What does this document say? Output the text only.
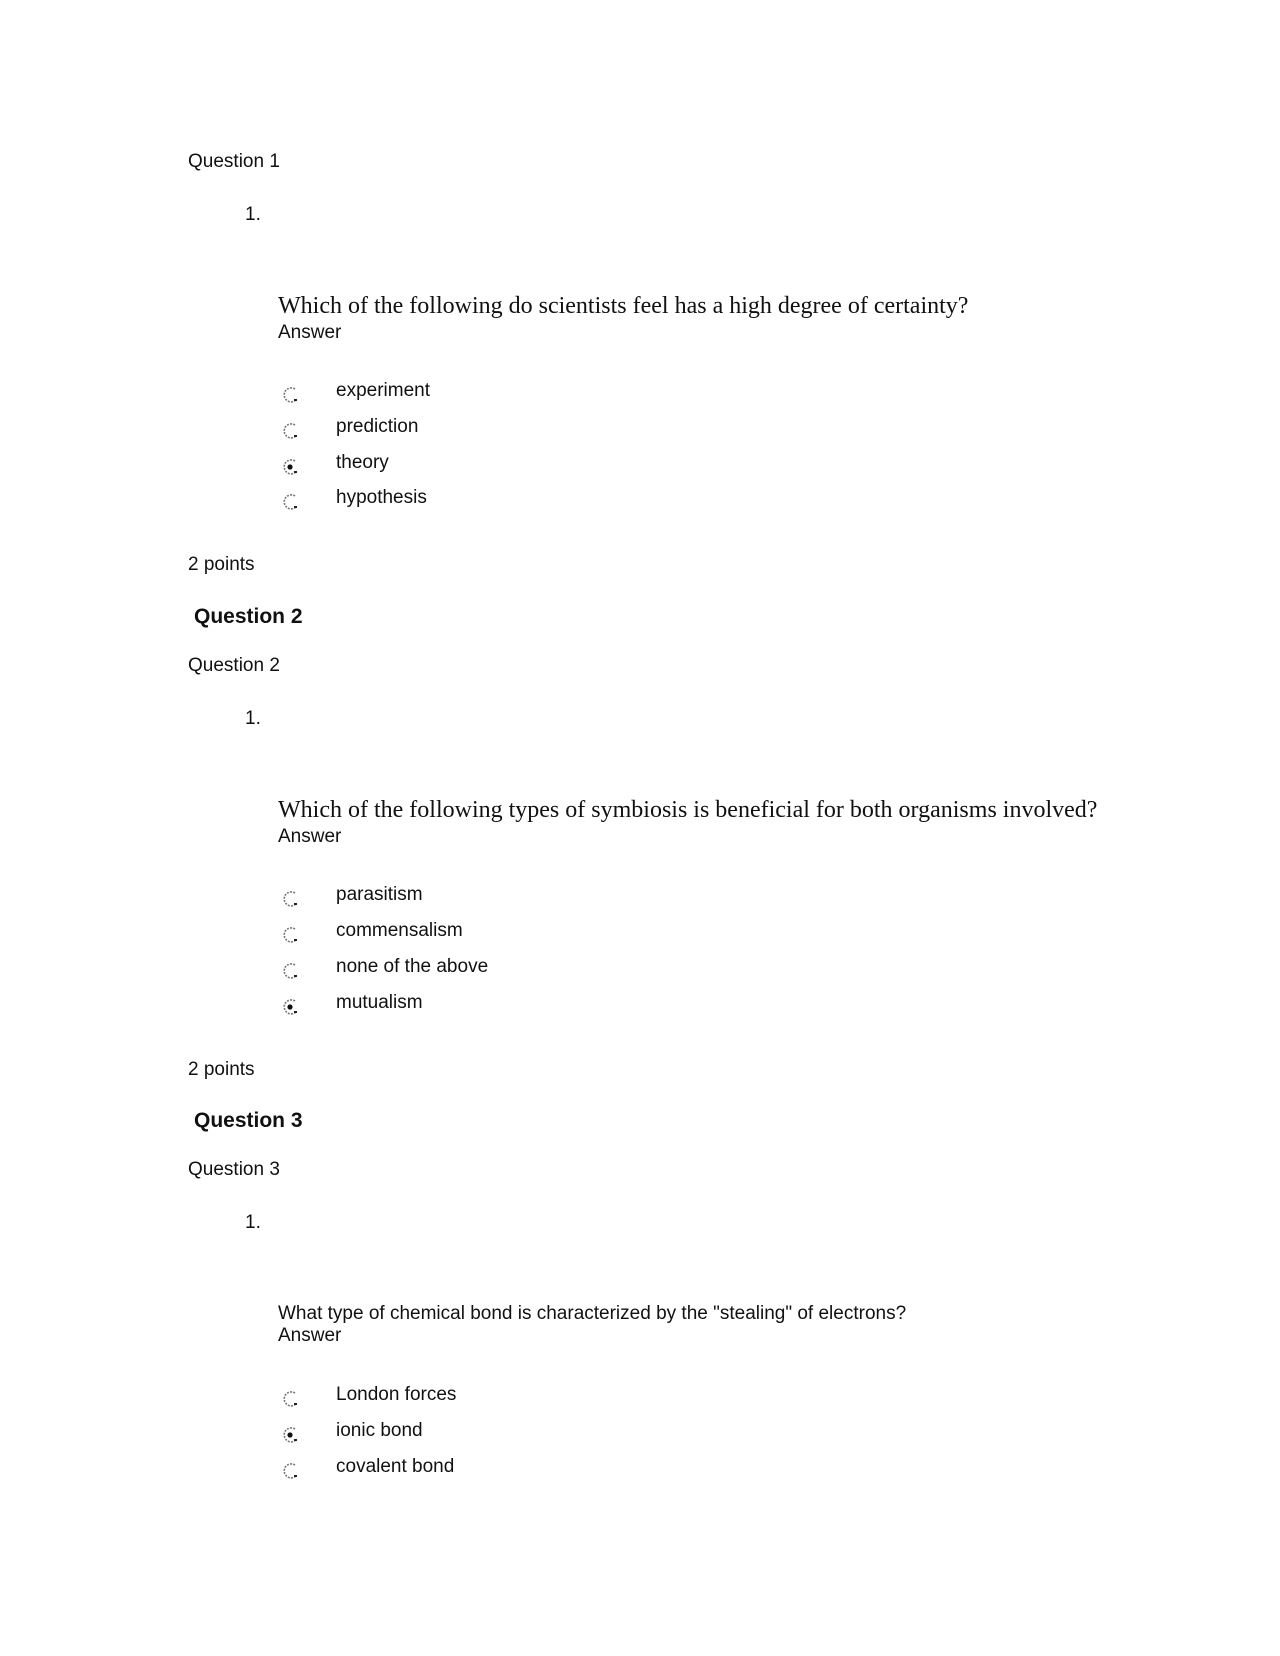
Question 1
1.
Which of the following do scientists feel has a high degree of certainty?
Answer
experiment
prediction
theory
hypothesis
2 points
Question 2
Question 2
1.
Which of the following types of symbiosis is beneficial for both organisms involved?
Answer
parasitism
commensalism
none of the above
mutualism
2 points
Question 3
Question 3
1.
What type of chemical bond is characterized by the "stealing" of electrons?
Answer
London forces
ionic bond
covalent bond
